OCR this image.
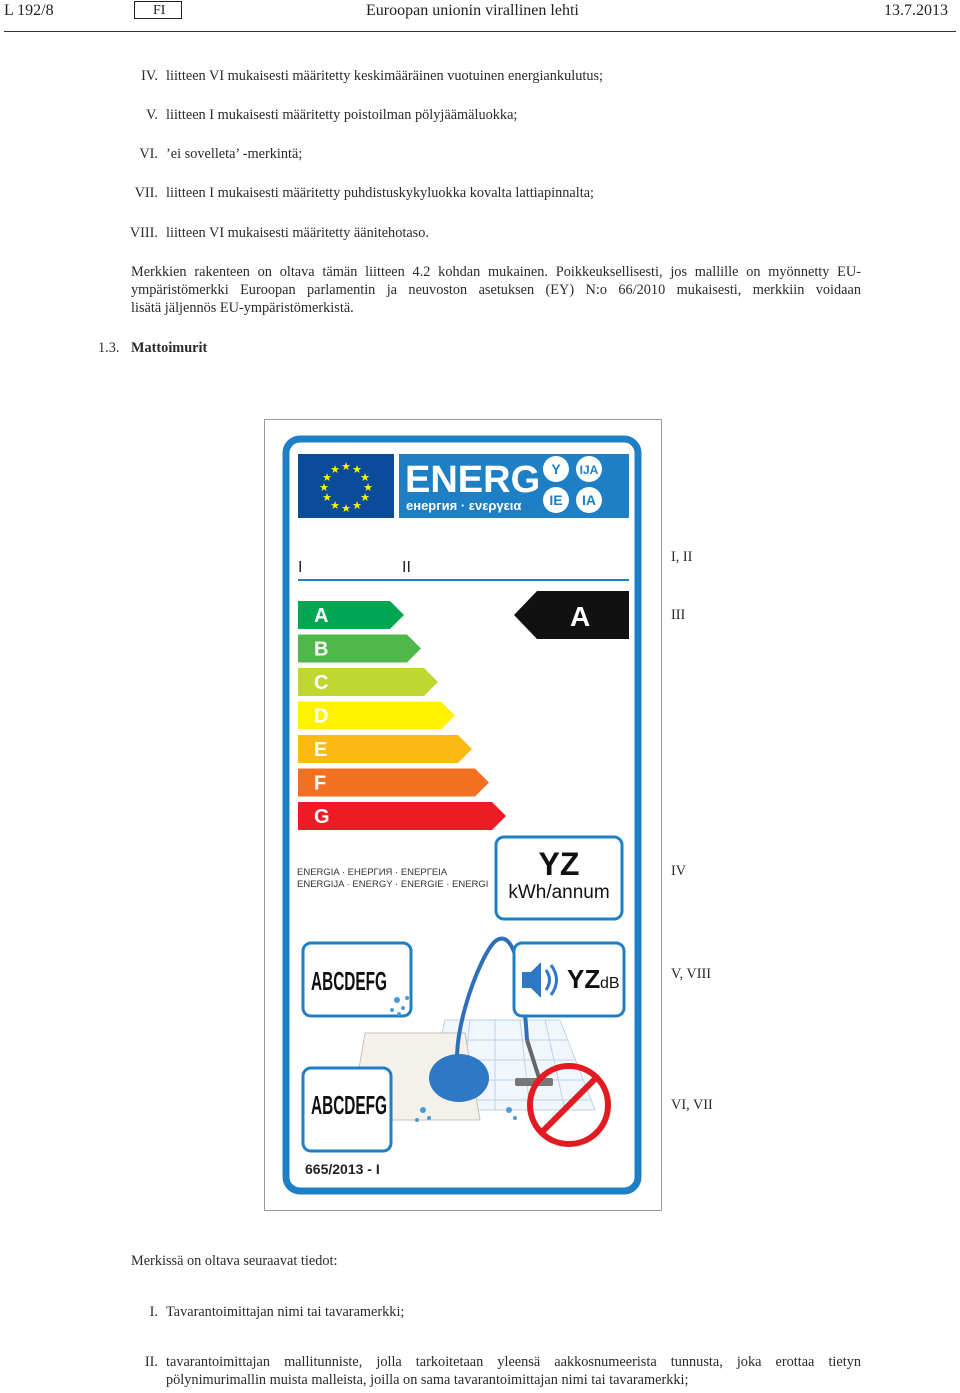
L 192/8	FI	Euroopan unionin virallinen lehti	13.7.2013
IV. liitteen VI mukaisesti määritetty keskimääräinen vuotuinen energiankulutus;
V. liitteen I mukaisesti määritetty poistoilman pölyjäämäluokka;
VI. ’ei sovelleta’ -merkintä;
VII. liitteen I mukaisesti määritetty puhdistuskykyluokka kovalta lattiapinnalta;
VIII. liitteen VI mukaisesti määritetty äänitehotaso.
Merkkien rakenteen on oltava tämän liitteen 4.2 kohdan mukainen. Poikkeuksellisesti, jos mallille on myönnetty EU-
ympäristömerkki Euroopan parlamentin ja neuvoston asetuksen (EY) N:o 66/2010 mukaisesti, merkkiin voidaan
lisätä jäljennös EU-ympäristömerkistä.
1.3. Mattoimurit
★ ★
★
★
★
★
★
★
★
★
★
★ ENERG
енергия · ενεργεια
Y IJA
IE IA
I	II
A
B
C
D
E
F
G
A
ENERGIA · ЕНЕРГИЯ · ΕΝΕΡΓΕΙΑ
ENERGIJA · ENERGY · ENERGIE · ENERGI
YZ
kWh/annum
ABCDEFG	YZ dB
ABCDEFG
665/2013 - I
I, II
III
IV
V, VIII
VI, VII
Merkissä on oltava seuraavat tiedot:
I. Tavarantoimittajan nimi tai tavaramerkki;
II. tavarantoimittajan mallitunniste, jolla tarkoitetaan yleensä aakkosnumeerista tunnusta, joka erottaa tietyn
pölynimurimallin muista malleista, joilla on sama tavarantoimittajan nimi tai tavaramerkki;
